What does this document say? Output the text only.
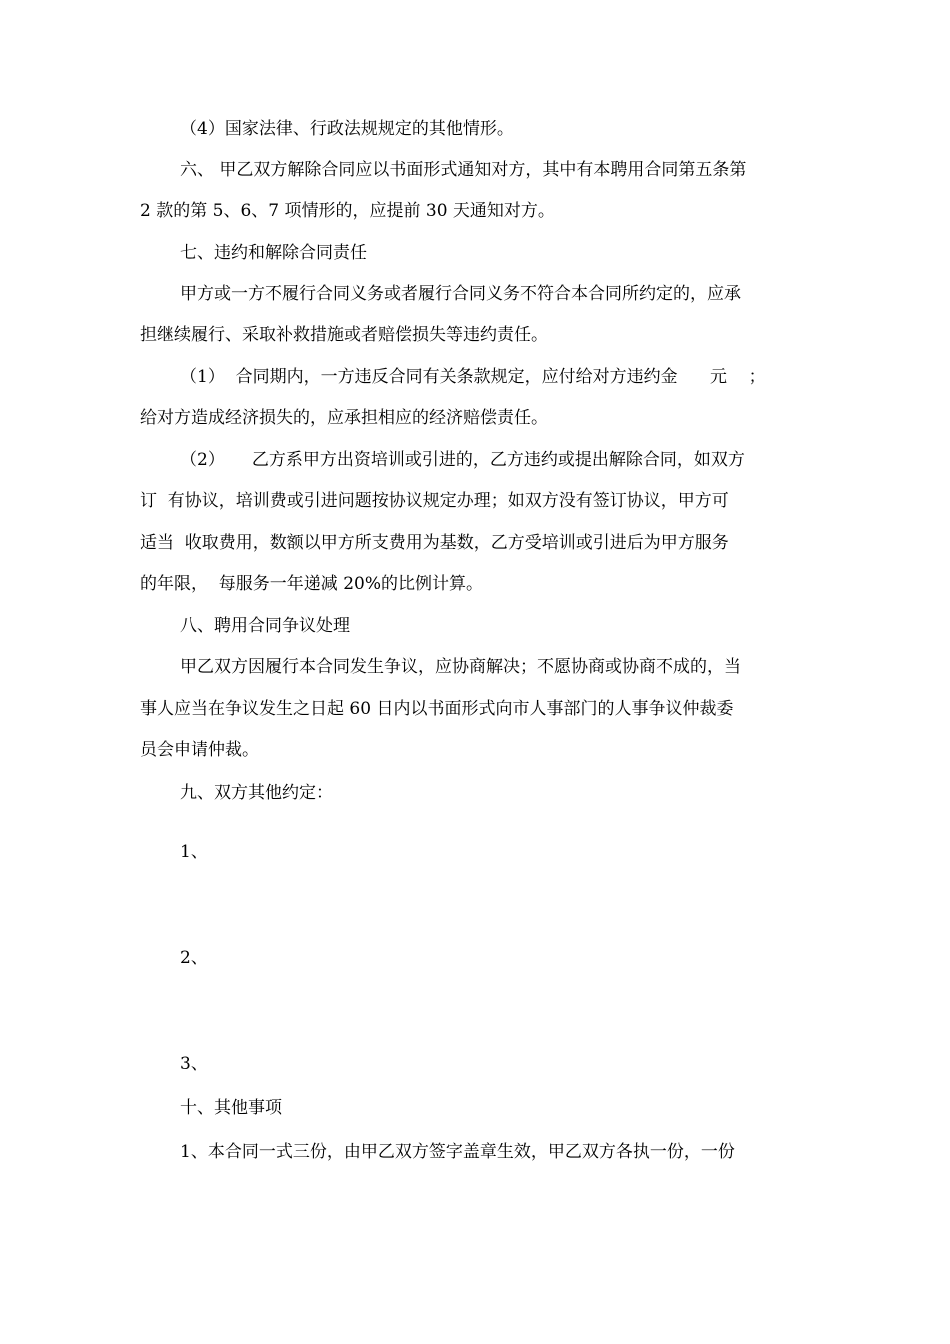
（4）国家法律、行政法规规定的其他情形。
六、 甲乙双方解除合同应以书面形式通知对方，其中有本聘用合同第五条第
2 款的第 5、6、7 项情形的，应提前 30 天通知对方。
七、违约和解除合同责任
甲方或一方不履行合同义务或者履行合同义务不符合本合同所约定的，应承
担继续履行、采取补救措施或者赔偿损失等违约责任。
（1）  合同期内，一方违反合同有关条款规定，应付给对方违约金      元    ；
给对方造成经济损失的，应承担相应的经济赔偿责任。
（2）     乙方系甲方出资培训或引进的，乙方违约或提出解除合同，如双方
订  有协议，培训费或引进问题按协议规定办理；如双方没有签订协议，甲方可
适当  收取费用，数额以甲方所支费用为基数，乙方受培训或引进后为甲方服务
的年限，  每服务一年递减 20%的比例计算。
八、聘用合同争议处理
甲乙双方因履行本合同发生争议，应协商解决；不愿协商或协商不成的，当
事人应当在争议发生之日起 60 日内以书面形式向市人事部门的人事争议仲裁委
员会申请仲裁。
九、双方其他约定：
1、
2、
3、
十、其他事项
1、本合同一式三份，由甲乙双方签字盖章生效，甲乙双方各执一份，一份
